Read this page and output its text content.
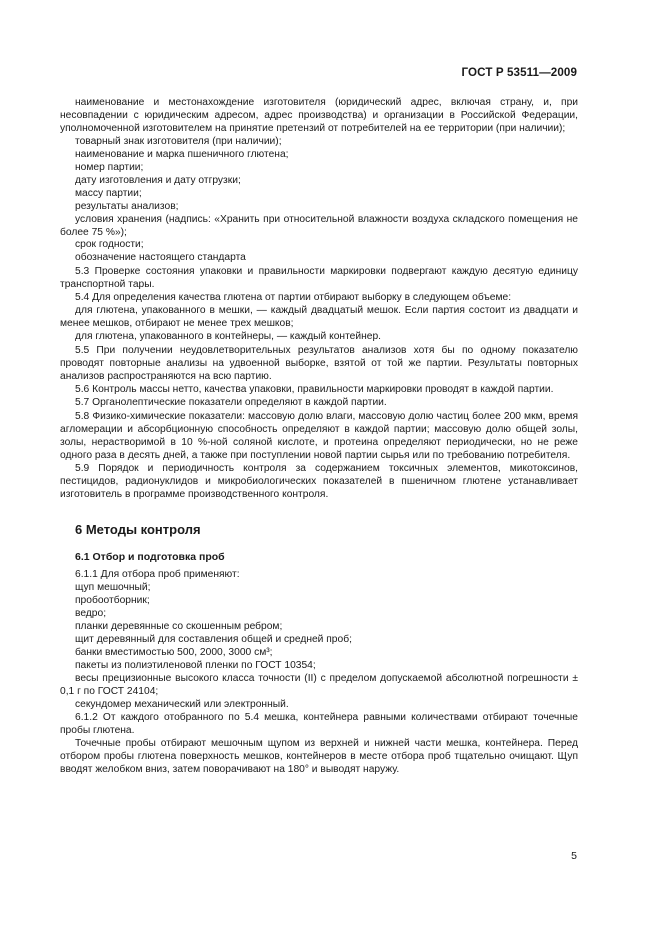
ГОСТ Р 53511—2009

наименование и местонахождение изготовителя (юридический адрес, включая страну, и, при несовпадении с юридическим адресом, адрес производства) и организации в Российской Федерации, уполномоченной изготовителем на принятие претензий от потребителей на ее территории (при наличии);

товарный знак изготовителя (при наличии);

наименование и марка пшеничного глютена;

номер партии;

дату изготовления и дату отгрузки;

массу партии;

результаты анализов;

условия хранения (надпись: «Хранить при относительной влажности воздуха складского помещения не более 75 %»);

срок годности;

обозначение настоящего стандарта

5.3 Проверке состояния упаковки и правильности маркировки подвергают каждую десятую единицу транспортной тары.

5.4 Для определения качества глютена от партии отбирают выборку в следующем объеме:

для глютена, упакованного в мешки, — каждый двадцатый мешок. Если партия состоит из двадцати и менее мешков, отбирают не менее трех мешков;

для глютена, упакованного в контейнеры, — каждый контейнер.

5.5 При получении неудовлетворительных результатов анализов хотя бы по одному показателю проводят повторные анализы на удвоенной выборке, взятой от той же партии. Результаты повторных анализов распространяются на всю партию.

5.6 Контроль массы нетто, качества упаковки, правильности маркировки проводят в каждой партии.

5.7 Органолептические показатели определяют в каждой партии.

5.8 Физико-химические показатели: массовую долю влаги, массовую долю частиц более 200 мкм, время агломерации и абсорбционную способность определяют в каждой партии; массовую долю общей золы, золы, нерастворимой в 10 %-ной соляной кислоте, и протеина определяют периодически, но не реже одного раза в десять дней, а также при поступлении новой партии сырья или по требованию потребителя.

5.9 Порядок и периодичность контроля за содержанием токсичных элементов, микотоксинов, пестицидов, радионуклидов и микробиологических показателей в пшеничном глютене устанавливает изготовитель в программе производственного контроля.

6 Методы контроля
6.1 Отбор и подготовка проб

6.1.1 Для отбора проб применяют:

щуп мешочный;

пробоотборник;

ведро;

планки деревянные со скошенным ребром;

щит деревянный для составления общей и средней проб;

банки вместимостью 500, 2000, 3000 см³;

пакеты из полиэтиленовой пленки по ГОСТ 10354;

весы прецизионные высокого класса точности (II) с пределом допускаемой абсолютной погрешности ± 0,1 г по ГОСТ 24104;

секундомер механический или электронный.

6.1.2 От каждого отобранного по 5.4 мешка, контейнера равными количествами отбирают точечные пробы глютена.

Точечные пробы отбирают мешочным щупом из верхней и нижней части мешка, контейнера. Перед отбором пробы глютена поверхность мешков, контейнеров в месте отбора проб тщательно очищают. Щуп вводят желобком вниз, затем поворачивают на 180° и выводят наружу.

5
